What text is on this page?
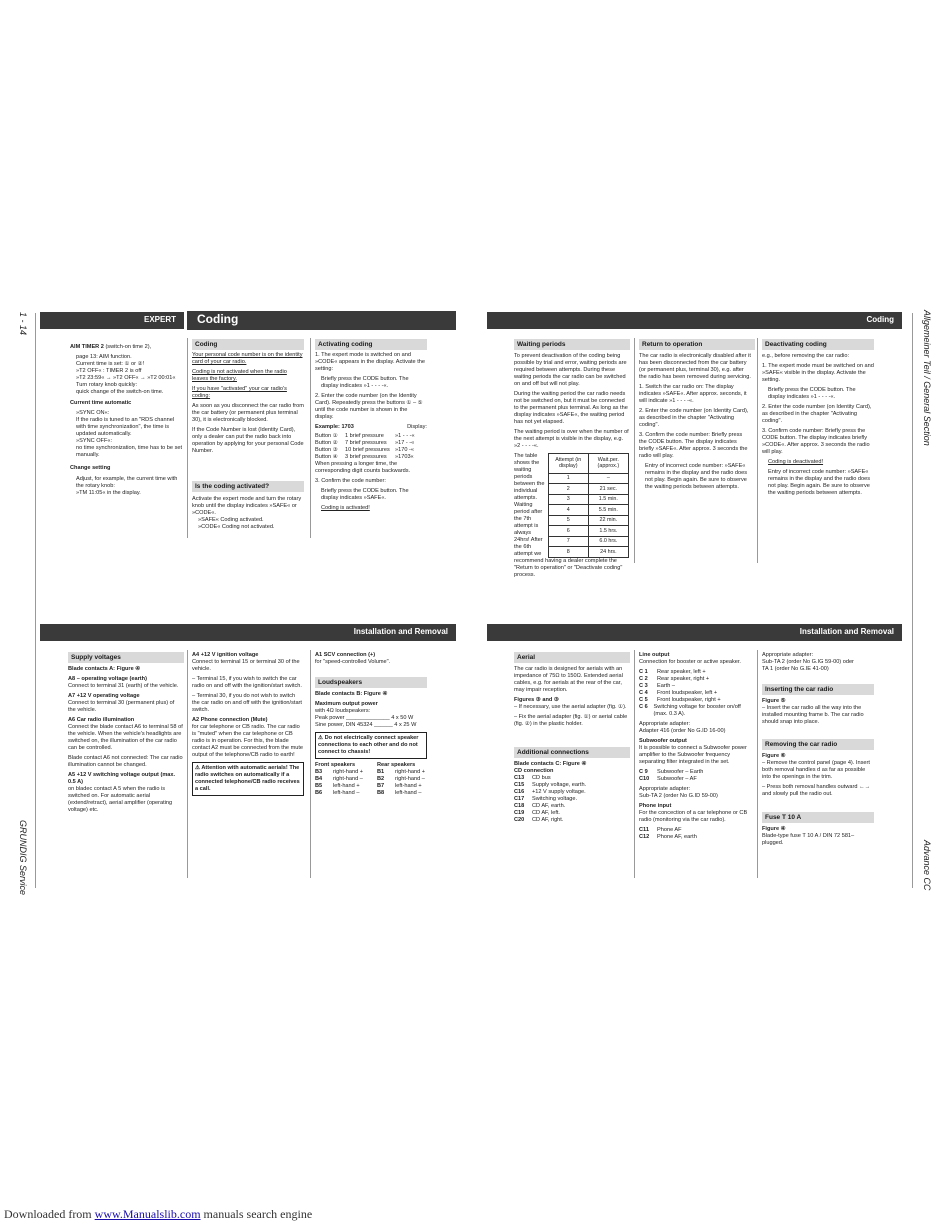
1 - 14
GRUNDIG Service
Allgemeiner Teil / General Section
Advance CC
EXPERT Coding

AIM TIMER 2 (switch-on time 2),

page 13: AIM function.
Current time is set: ① or ②!
»T2 OFF« : TIMER 2 is off
»T2 23:59« → »T2 OFF« → »T2 00:01«
Turn rotary knob quickly:
quick change of the switch-on time.

Current time automatic

»SYNC ON«:
If the radio is tuned to an "RDS channel with time synchronization", the time is updated automatically.
»SYNC OFF«:
no time synchronization, time has to be set manually.

Change setting

Adjust, for example, the current time with the rotary knob:
»TM 11:05« in the display.
Coding

Your personal code number is on the identity card of your car radio.

Coding is not activated when the radio leaves the factory.

If you have "activated" your car radio's coding:

As soon as you disconnect the car radio from the car battery (or permanent plus terminal 30), it is electronically blocked.

If the Code Number is lost (Identity Card), only a dealer can put the radio back into operation by applying for your personal Code Number.

Is the coding activated?
Activate the expert mode and turn the rotary knob until the display indicates »SAFE« or »CODE«.
»SAFE« Coding activated.
»CODE« Coding not activated.
Activating coding

1. The expert mode is switched on and »CODE« appears in the display. Activate the setting:

Briefly press the CODE button. The display indicates »1 - - - -«.

2. Enter the code number (on the Identity Card). Repeatedly press the buttons ① – ⑤ until the code number is shown in the display.

Example: 1703	Display:
Button ①	1 brief pressure	»1 - - -«
Button ②	7 brief pressures	»17 - -«
Button ③	10 brief pressures »170 -«
Button ④	3 brief pressures	»1703«

When pressing a longer time, the corresponding digit counts backwards.

3. Confirm the code number:

Briefly press the CODE button. The display indicates »SAFE«.

Coding is activated!

Coding
Waiting periods

To prevent deactivation of the coding being possible by trial and error, waiting periods are required between attempts. During these waiting periods the car radio can be switched on and off but will not play.

During the waiting period the car radio needs not be switched on, but it must be connected to the permanent plus terminal. As long as the display indicates »SAFE«, the waiting period has not yet elapsed.

The waiting period is over when the number of the next attempt is visible in the display, e.g. »2 - - - -«.

The table shows the waiting periods between the individual attempts. Waiting period after the 7th attempt is always 24hrs! After the 6th attempt we
Attempt (in display)	Wait.per. (approx.)
1	–
2	21 sec.
3	1.5 min.
4	5.5 min.
5	22 min.
6	1.5 hrs.
7	6.0 hrs.
8	24 hrs.

recommend having a dealer complete the "Return to operation" or "Deactivate coding" process.

Return to operation

The car radio is electronically disabled after it has been disconnected from the car battery (or permanent plus, terminal 30), e.g. after the radio has been removed during servicing.

1. Switch the car radio on: The display indicates »SAFE«. After approx. seconds, it will indicate »1 - - - -«.

2. Enter the code number (on Identity Card), as described in the chapter "Activating coding".

3. Confirm the code number: Briefly press the CODE button. The display indicates briefly »SAFE«. After approx. 3 seconds the radio will play.

Entry of incorrect code number: »SAFE« remains in the display and the radio does not play. Begin again. Be sure to observe the waiting periods between attempts.

Deactivating coding

e.g., before removing the car radio:

1. The expert mode must be switched on and »SAFE« visible in the display. Activate the setting.

Briefly press the CODE button. The display indicates »1 - - - -«.

2. Enter the code number (on Identity Card), as described in the chapter "Activating coding".

3. Confirm code number: Briefly press the CODE button. The display indicates briefly »CODE«. After approx. 3 seconds the radio will play.

Coding is deactivated!

Entry of incorrect code number: »SAFE« remains in the display and the radio does not play. Begin again. Be sure to observe the waiting periods between attempts.

Installation and Removal
Supply voltages

Blade contacts A: Figure ④

A8 – operating voltage (earth)

Connect to terminal 31 (earth) of the vehicle.

A7 +12 V operating voltage

Connect to terminal 30 (permanent plus) of the vehicle.

A6 Car radio illumination

Connect the blade contact A6 to terminal 58 of the vehicle. When the vehicle's headlights are switched on, the illumination of the car radio can be controlled.

Blade contact A6 not connected: The car radio illumination cannot be changed.

A5 +12 V switching voltage output (max. 0.5 A)

on bladec contact A 5 when the radio is switched on. For automatic aerial (extend/retract), aerial amplifier (operating voltage) etc.

A4 +12 V ignition voltage

Connect to terminal 15 or terminal 30 of the vehicle.

– Terminal 15, if you wish to switch the car radio on and off with the ignition/start switch.

– Terminal 30, if you do not wish to switch the car radio on and off with the ignition/start switch.

A2 Phone connection (Mute)

for car telephone or CB radio. The car radio is "muted" when the car telephone or CB radio is in operation. For this, the blade contact A2 must be connected from the mute output of the telephone/CB radio to earth!

⚠ Attention with automatic aerials! The radio switches on automatically if a connected telephone/CB radio receives a call.

A1 SCV connection (+)

for "speed-controlled Volume".

Loudspeakers

Blade contacts B: Figure ④

Maximum output power

with 4Ω loudspeakers:
Peak power ______________ 4 x 50 W
Sine power, DIN 45324 ______ 4 x 25 W
⚠ Do not electrically connect speaker connections to each other and do not connect to chassis!
Front speakers
B3	right-hand +
B4	right-hand –
B5	left-hand +
B6	left-hand –
Rear speakers
B1	right-hand +
B2	right-hand –
B7	left-hand +
B8	left-hand –
Installation and Removal
Aerial

The car radio is designed for aerials with an impedance of 75Ω to 150Ω. Extended aerial cables, e.g. for aerials at the rear of the car, may impair reception.

Figures ③ and ③

– If necessary, use the aerial adapter (fig. ①).

– Fix the aerial adapter (fig. ①) or aerial cable (fig. ②) in the plastic holder.

Additional connections
Blade contacts C: Figure ④
CD connection
C13	CD bus
C15	Supply voltage, earth.
C16	+12 V supply voltage.
C17	Switching voltage.
C18	CD AF, earth.
C19	CD AF, left.
C20	CD AF, right.
Line output

Connection for booster or active speaker.

C 1	Rear speaker, left +
C 2	Rear speaker, right +
C 3	Earth –
C 4	Front loudspeaker, left +
C 5	Front loudspeaker, right +
C 6	Switching voltage for booster on/off (max. 0.3 A).
Appropriate adapter:

Adapter 416 (order No G.ID 16-00)

Subwoofer output

It is possible to connect a Subwoofer power amplifier to the Subwoofer frequency separating filter integrated in the set.

C 9	Subwoofer – Earth
C10	Subwoofer – AF
Appropriate adapter:

Sub-TA 2 (order No G.ID 59-00)

Phone input

For the concection of a car telephone or CB radio (monitoring via the car radio).

C11	Phone AF
C12	Phone AF, earth
Appropriate adapter:
Sub-TA 2 (order No G.IG 59-00) oder
TA 1 (order No G.IE 41-00)
Inserting the car radio
Figure ⑤

– Insert the car radio all the way into the installed mounting frame b. The car radio should snap into place.

Removing the car radio
Figure ⑥

– Remove the control panel (page 4). Insert both removal handles d as far as possible into the openings in the trim.

– Press both removal handles outward ←→ and slowly pull the radio out.

Fuse T 10 A
Figure ④

Blade-type fuse T 10 A / DIN 72 581– plugged.

Downloaded from www.Manualslib.com manuals search engine
